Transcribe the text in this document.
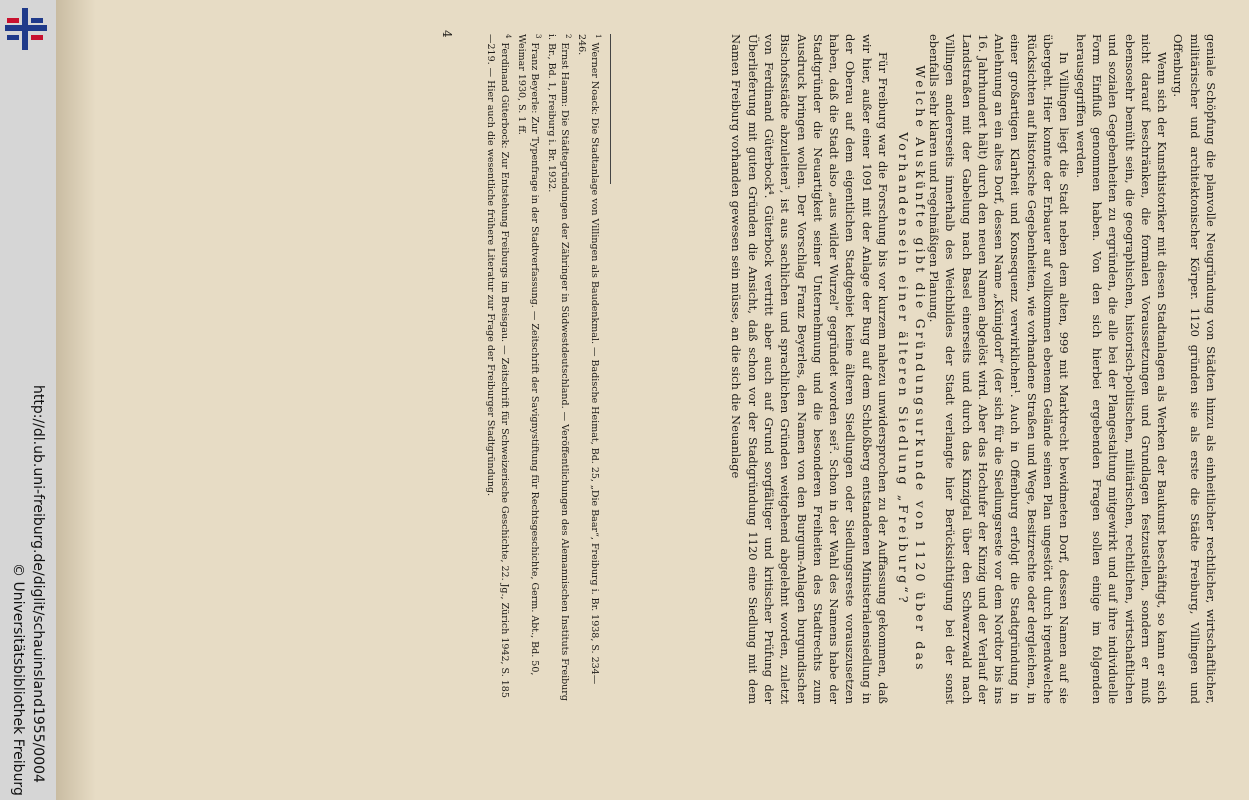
http://dl.ub.uni-freiburg.de/diglit/schauinsland1955/0004
© Universitätsbibliothek Freiburg	geniale Schöpfung die planvolle Neugründung von Städten hinzu als einheitlicher rechtlicher, wirtschaftlicher, militärischer und architektonischer Körper. 1120 gründen sie als erste die Städte Freiburg, Villingen und Offenburg.

Wenn sich der Kunsthistoriker mit diesen Stadtanlagen als Werken der Baukunst beschäftigt, so kann er sich nicht darauf beschränken, die formalen Voraussetzungen und Grundlagen festzustellen, sondern er muß ebensosehr bemüht sein, die geographischen, historisch-politischen, militärischen, rechtlichen, wirtschaftlichen und sozialen Gegebenheiten zu ergründen, die alle bei der Plangestaltung mitgewirkt und auf ihre individuelle Form Einfluß genommen haben. Von den sich hierbei ergebenden Fragen sollen einige im folgenden herausgegriffen werden.

In Villingen liegt die Stadt neben dem alten, 999 mit Marktrecht bewidmeten Dorf, dessen Namen auf sie übergeht. Hier konnte der Erbauer auf vollkommen ebenem Gelände seinen Plan ungestört durch irgendwelche Rücksichten auf historische Gegebenheiten, wie vorhandene Straßen und Wege, Besitzrechte oder dergleichen, in einer großartigen Klarheit und Konsequenz verwirklichen¹. Auch in Offenburg erfolgt die Stadtgründung in Anlehnung an ein altes Dorf, dessen Name „Künigdorf“ (der sich für die Siedlungsreste vor dem Nordtor bis ins 16. Jahrhundert hält) durch den neuen Namen abgelöst wird. Aber das Hochufer der Kinzig und der Verlauf der Landstraßen mit der Gabelung nach Basel einerseits und durch das Kinzigtal über den Schwarzwald nach Villingen andererseits innerhalb des Weichbildes der Stadt verlangte hier Berücksichtigung bei der sonst ebenfalls sehr klaren und regelmäßigen Planung.

Welche Auskünfte gibt die Gründungsurkunde von 1120 über das Vorhandensein einer älteren Siedlung „Freiburg“?

Für Freiburg war die Forschung bis vor kurzem nahezu unwidersprochen zu der Auffassung gekommen, daß wir hier, außer einer 1091 mit der Anlage der Burg auf dem Schloßberg entstandenen Ministerialensiedlung in der Oberau auf dem eigentlichen Stadtgebiet keine älteren Siedlungen oder Siedlungsreste vorauszusetzen haben, daß die Stadt also „aus wilder Wurzel“ gegründet worden sei². Schon in der Wahl des Namens habe der Stadtgründer die Neuartigkeit seiner Unternehmung und die besonderen Freiheiten des Stadtrechts zum Ausdruck bringen wollen. Der Vorschlag Franz Beyerles, den Namen von den Burgum-Anlagen burgundischer Bischofsstädte abzuleiten³, ist aus sachlichen und sprachlichen Gründen weitgehend abgelehnt worden, zuletzt von Ferdinand Güterbock⁴. Güterbock vertritt aber auch auf Grund sorgfältiger und kritischer Prüfung der Überlieferung mit guten Gründen die Ansicht, daß schon vor der Stadtgründung 1120 eine Siedlung mit dem Namen Freiburg vorhanden gewesen sein müsse, an die sich die Neuanlage

$^1$Werner Noack: Die Stadtanlage von Villingen als Baudenkmal. — Badische Heimat, Bd. 25, „Die Baar“, Freiburg i. Br. 1938, S. 234—246.

$^2$Ernst Hamm: Die Städtegründungen der Zähringer in Südwestdeutschland. — Veröffentlichungen des Alemannischen Instituts Freiburg i. Br., Bd. 1, Freiburg i. Br. 1932.

$^3$Franz Beyerle: Zur Typenfrage in der Stadtverfassung. — Zeitschrift der Savignystiftung für Rechtsgeschichte, Germ. Abt., Bd. 50, Weimar 1930, S. 1 ff.

$^4$Ferdinand Güterbock: Zur Entstehung Freiburgs im Breisgau. — Zeitschrift für Schweizerische Geschichte, 22. Jg., Zürich 1942, S. 185—219. — Hier auch die wesentliche frühere Literatur zur Frage der Freiburger Stadtgründung.

4
